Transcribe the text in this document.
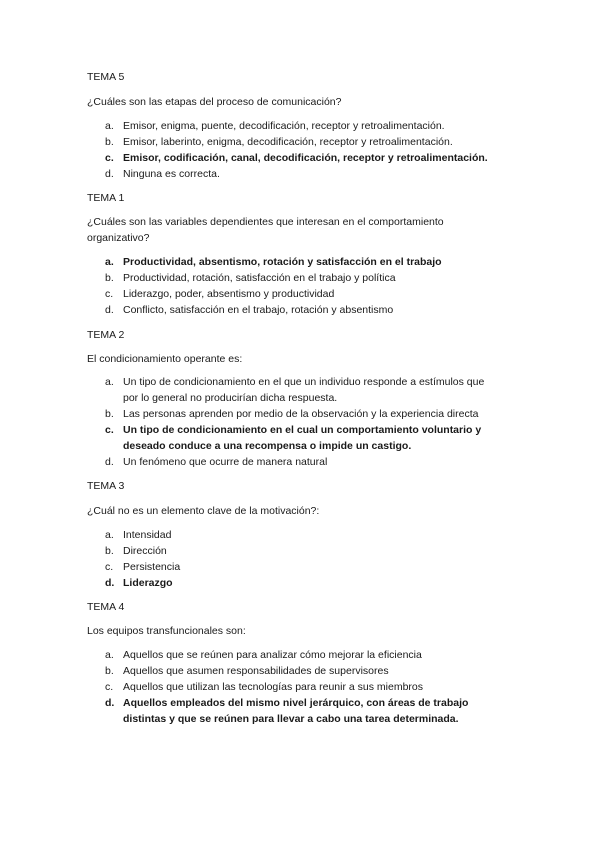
TEMA 5

¿Cuáles son las etapas del proceso de comunicación?

a. Emisor, enigma, puente, decodificación, receptor y retroalimentación.
b. Emisor, laberinto, enigma, decodificación, receptor y retroalimentación.
c. Emisor, codificación, canal, decodificación, receptor y retroalimentación.
d. Ninguna es correcta.

TEMA 1

¿Cuáles son las variables dependientes que interesan en el comportamiento organizativo?

a. Productividad, absentismo, rotación y satisfacción en el trabajo
b. Productividad, rotación, satisfacción en el trabajo y política
c. Liderazgo, poder, absentismo y productividad
d. Conflicto, satisfacción en el trabajo, rotación y absentismo

TEMA 2

El condicionamiento operante es:

a. Un tipo de condicionamiento en el que un individuo responde a estímulos que por lo general no producirían dicha respuesta.
b. Las personas aprenden por medio de la observación y la experiencia directa
c. Un tipo de condicionamiento en el cual un comportamiento voluntario y deseado conduce a una recompensa o impide un castigo.
d. Un fenómeno que ocurre de manera natural

TEMA 3

¿Cuál no es un elemento clave de la motivación?:

a. Intensidad
b. Dirección
c. Persistencia
d. Liderazgo

TEMA 4

Los equipos transfuncionales son:

a. Aquellos que se reúnen para analizar cómo mejorar la eficiencia
b. Aquellos que asumen responsabilidades de supervisores
c. Aquellos que utilizan las tecnologías para reunir a sus miembros
d. Aquellos empleados del mismo nivel jerárquico, con áreas de trabajo distintas y que se reúnen para llevar a cabo una tarea determinada.
